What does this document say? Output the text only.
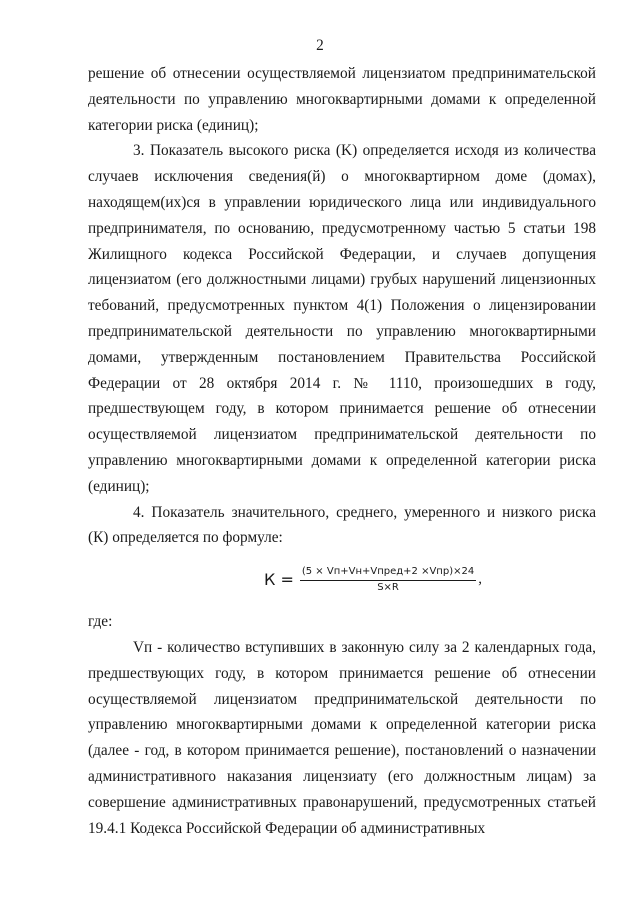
2

решение об отнесении осуществляемой лицензиатом предпринимательской деятельности по управлению многоквартирными домами к определенной категории риска (единиц);

3. Показатель высокого риска (K) определяется исходя из количества случаев исключения сведения(й) о многоквартирном доме (домах), находящем(их)ся в управлении юридического лица или индивидуального предпринимателя, по основанию, предусмотренному частью 5 статьи 198 Жилищного кодекса Российской Федерации, и случаев допущения лицензиатом (его должностными лицами) грубых нарушений лицензионных тебований, предусмотренных пунктом 4(1) Положения о лицензировании предпринимательской деятельности по управлению многоквартирными домами, утвержденным постановлением Правительства Российской Федерации от 28 октября 2014 г. № 1110, произошедших в году, предшествующем году, в котором принимается решение об отнесении осуществляемой лицензиатом предпринимательской деятельности по управлению многоквартирными домами к определенной категории риска (единиц);

4. Показатель значительного, среднего, умеренного и низкого риска (К) определяется по формуле:

$К = \frac{\text{(5 × Vп+Vн+Vпред+2 ×Vпр)×24}}{S\times R}$ ,

где:

Vп - количество вступивших в законную силу за 2 календарных года, предшествующих году, в котором принимается решение об отнесении осуществляемой лицензиатом предпринимательской деятельности по управлению многоквартирными домами к определенной категории риска (далее - год, в котором принимается решение), постановлений о назначении административного наказания лицензиату (его должностным лицам) за совершение административных правонарушений, предусмотренных статьей 19.4.1 Кодекса Российской Федерации об административных
